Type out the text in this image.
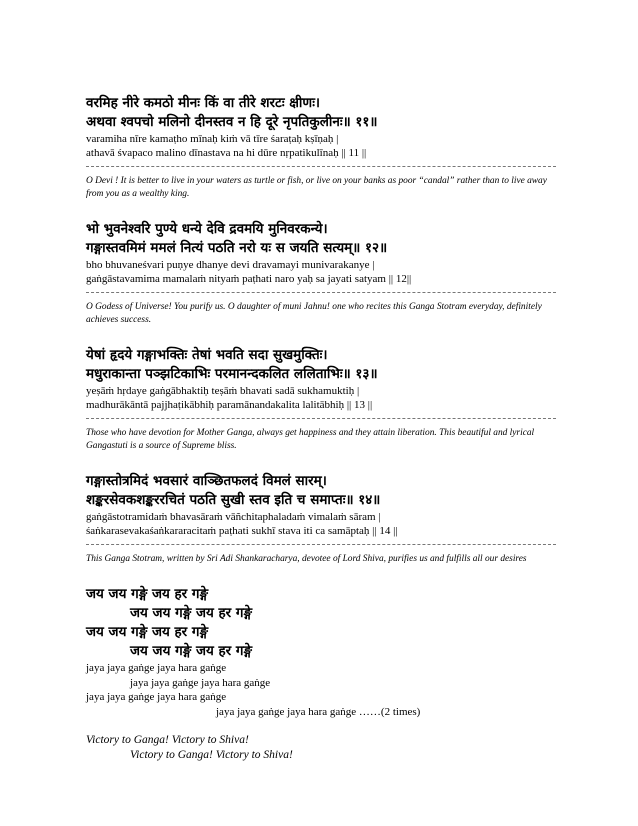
वरमिह नीरे कमठो मीनः किं वा तीरे शरटः क्षीणः।
अथवा श्वपचो मलिनो दीनस्तव न हि दूरे नृपतिकुलीनः॥ ११॥
varamiha nīre kamaṭho mīnaḥ kiṁ vā tīre śaraṭaḥ kṣīṇaḥ |
athavā śvapaco malino dīnastava na hi dūre nṛpatikulīnaḥ || 11 ||
O Devi ! It is better to live in your waters as turtle or fish, or live on your banks as poor “candal” rather than to live away from you as a wealthy king.
भो भुवनेश्वरि पुण्ये धन्ये देवि द्रवमयि मुनिवरकन्ये।
गङ्गास्तवमिमं ममलं नित्यं पठति नरो यः स जयति सत्यम्॥ १२॥
bho bhuvaneśvari puṇye dhanye devi dravamayi munivarakanye |
gaṅgāstavamima mamalaṁ nityaṁ paṭhati naro yaḥ sa jayati satyam || 12||
O Godess of Universe! You purify us. O daughter of muni Jahnu! one who recites this Ganga Stotram everyday, definitely achieves success.
येषां हृदये गङ्गाभक्तिः तेषां भवति सदा सुखमुक्तिः।
मधुराकान्ता पञ्झटिकाभिः परमानन्दकलित ललिताभिः॥ १३॥
yeṣāṁ hṛdaye gaṅgābhaktiḥ teṣāṁ bhavati sadā sukhamuktiḥ |
madhurākāntā pajjhaṭikābhiḥ paramānandakalita lalitābhiḥ || 13 ||
Those who have devotion for Mother Ganga, always get happiness and they attain liberation. This beautiful and lyrical Gangastuti is a source of Supreme bliss.
गङ्गास्तोत्रमिदं भवसारं वाञ्छितफलदं विमलं सारम्।
शङ्करसेवकशङ्कररचितं पठति सुखी स्तव इति च समाप्तः॥ १४॥
gaṅgāstotramidaṁ bhavasāraṁ vāñchitaphaladaṁ vimalaṁ sāram |
śaṅkarasevakaśaṅkararacitaṁ paṭhati sukhī stava iti ca samāptaḥ || 14 ||
This Ganga Stotram, written by Sri Adi Shankaracharya, devotee of Lord Shiva, purifies us and fulfills all our desires
जय जय गङ्गे जय हर गङ्गे
जय जय गङ्गे जय हर गङ्गे
जय जय गङ्गे जय हर गङ्गे
जय जय गङ्गे जय हर गङ्गे
jaya jaya gaṅge jaya hara gaṅge
jaya jaya gaṅge jaya hara gaṅge
jaya jaya gaṅge jaya hara gaṅge
jaya jaya gaṅge jaya hara gaṅge ……(2 times)
Victory to Ganga! Victory to Shiva!
Victory to Ganga! Victory to Shiva!
